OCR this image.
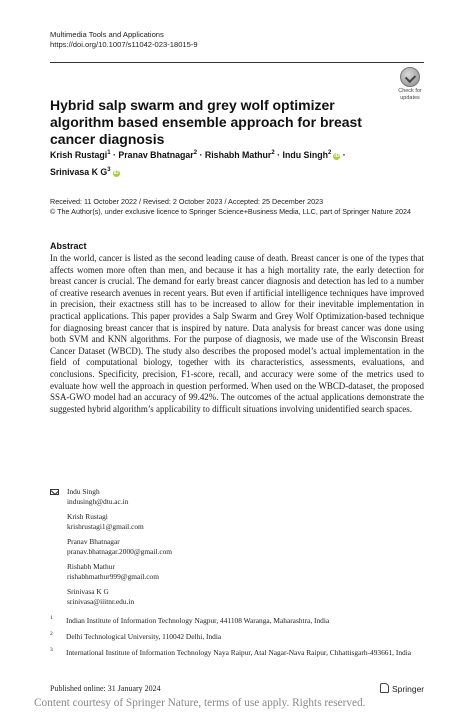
Multimedia Tools and Applications
https://doi.org/10.1007/s11042-023-18015-9
Check for
updates
Hybrid salp swarm and grey wolf optimizer algorithm based ensemble approach for breast cancer diagnosis
Krish Rustagi$^1$ · Pranav Bhatnagar$^2$ · Rishabh Mathur$^2$ · Indu Singh$^2$ iD ·
Srinivasa K $G^3$ iD
Received: 11 October 2022 / Revised: 2 October 2023 / Accepted: 25 December 2023
© The Author(s), under exclusive licence to Springer Science+Business Media, LLC, part of Springer Nature 2024
Abstract
In the world, cancer is listed as the second leading cause of death. Breast cancer is one of the types that affects women more often than men, and because it has a high mortality rate, the early detection for breast cancer is crucial. The demand for early breast cancer diagnosis and detection has led to a number of creative research avenues in recent years. But even if artificial intelligence techniques have improved in precision, their exactness still has to be increased to allow for their inevitable implementation in practical applications. This paper provides a Salp Swarm and Grey Wolf Optimization-based technique for diagnosing breast cancer that is inspired by nature. Data analysis for breast cancer was done using both SVM and KNN algorithms. For the purpose of diagnosis, we made use of the Wisconsin Breast Cancer Dataset (WBCD). The study also describes the proposed model’s actual implementation in the field of computational biology, together with its characteristics, assessments, evaluations, and conclusions. Specificity, precision, F1-score, recall, and accuracy were some of the metrics used to evaluate how well the approach in question performed. When used on the WBCD-dataset, the proposed SSA-GWO model had an accuracy of 99.42%. The outcomes of the actual applications demonstrate the suggested hybrid algorithm’s applicability to difficult situations involving unidentified search spaces.
Indu Singh
indusingh@dtu.ac.in
Krish Rustagi
krishrustagi1@gmail.com
Pranav Bhatnagar
pranav.bhatnagar.2000@gmail.com
Rishabh Mathur
rishabhmathur999@gmail.com
Srinivasa K G
srinivasa@iiitnr.edu.in
1 Indian Institute of Information Technology Nagpur, 441108 Waranga, Maharashtra, India
2 Delhi Technological University, 110042 Delhi, India
3 International Institute of Information Technology Naya Raipur, Atal Nagar-Nava Raipur, Chhattisgarh-493661, India
Published online: 31 January 2024	Springer
Content courtesy of Springer Nature, terms of use apply. Rights reserved.
